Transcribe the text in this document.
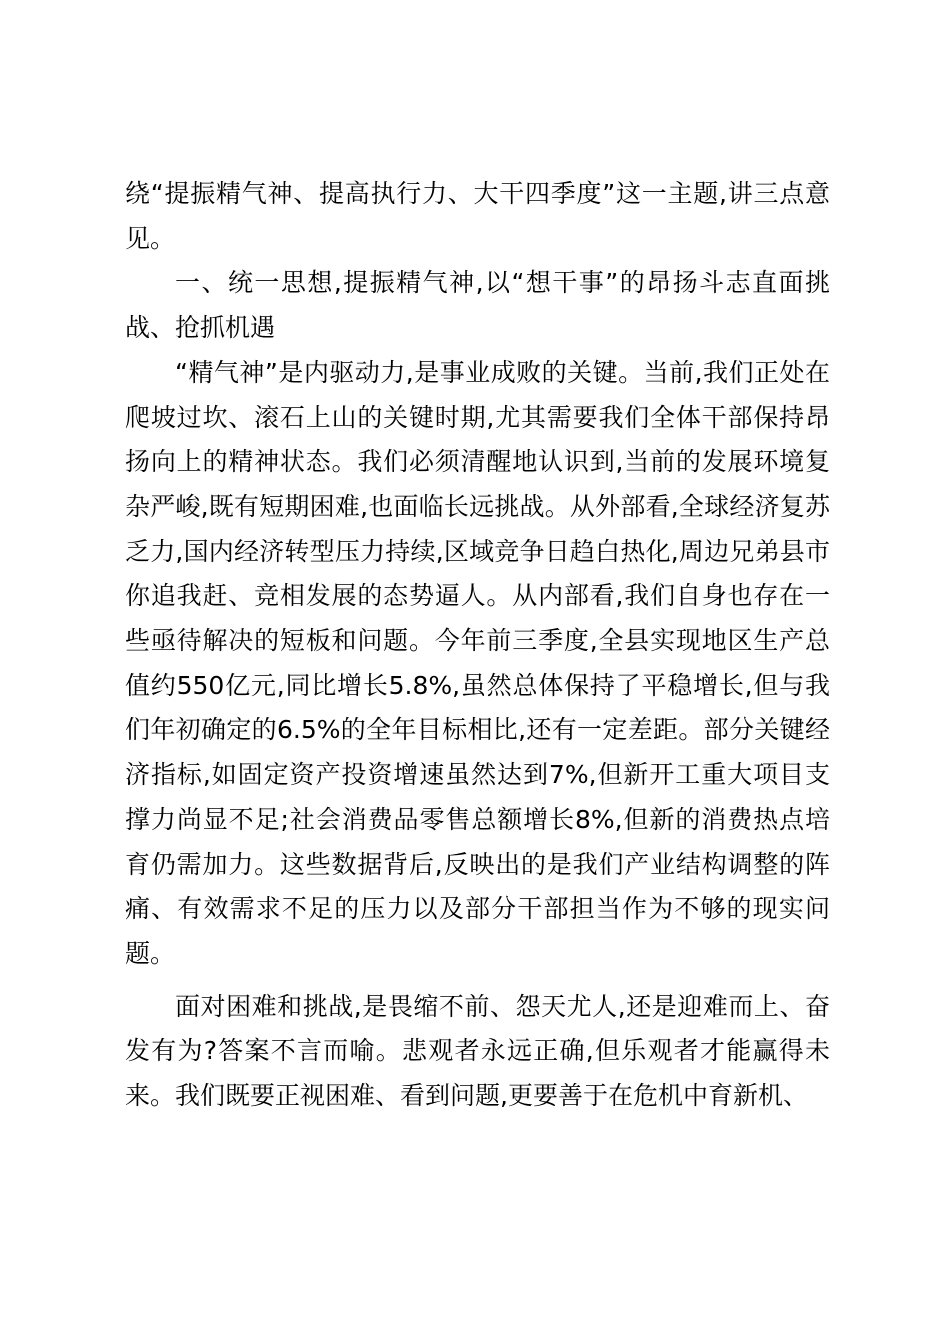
绕“提振精气神、提高执行力、大干四季度”这一主题,讲三点意见。

一、统一思想,提振精气神,以“想干事”的昂扬斗志直面挑战、抢抓机遇

“精气神”是内驱动力,是事业成败的关键。当前,我们正处在爬坡过坎、滚石上山的关键时期,尤其需要我们全体干部保持昂扬向上的精神状态。我们必须清醒地认识到,当前的发展环境复杂严峻,既有短期困难,也面临长远挑战。从外部看,全球经济复苏乏力,国内经济转型压力持续,区域竞争日趋白热化,周边兄弟县市你追我赶、竞相发展的态势逼人。从内部看,我们自身也存在一些亟待解决的短板和问题。今年前三季度,全县实现地区生产总值约550亿元,同比增长5.8%,虽然总体保持了平稳增长,但与我们年初确定的6.5%的全年目标相比,还有一定差距。部分关键经济指标,如固定资产投资增速虽然达到7%,但新开工重大项目支撑力尚显不足;社会消费品零售总额增长8%,但新的消费热点培育仍需加力。这些数据背后,反映出的是我们产业结构调整的阵痛、有效需求不足的压力以及部分干部担当作为不够的现实问题。

面对困难和挑战,是畏缩不前、怨天尤人,还是迎难而上、奋发有为?答案不言而喻。悲观者永远正确,但乐观者才能赢得未来。我们既要正视困难、看到问题,更要善于在危机中育新机、
